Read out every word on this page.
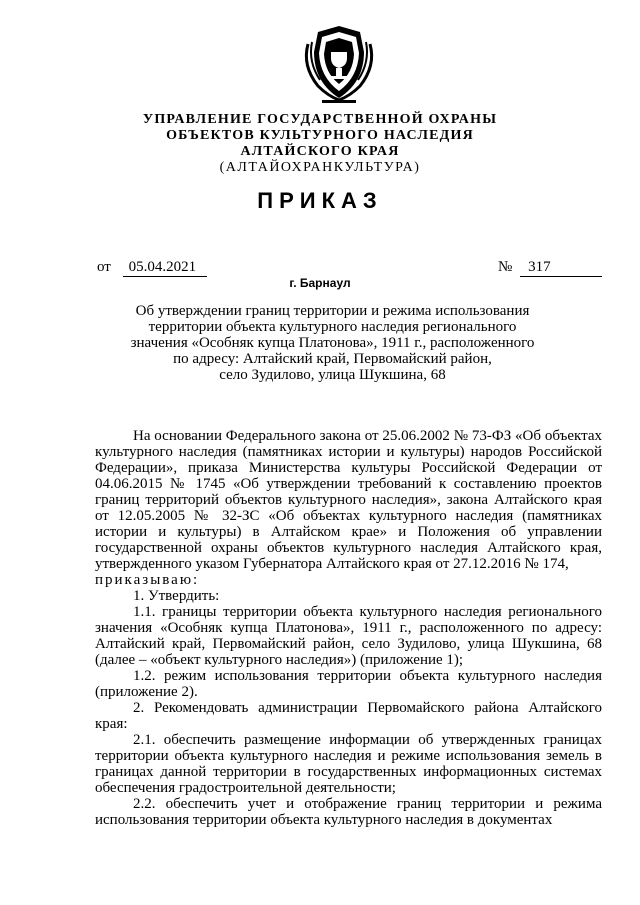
УПРАВЛЕНИЕ ГОСУДАРСТВЕННОЙ ОХРАНЫ
ОБЪЕКТОВ КУЛЬТУРНОГО НАСЛЕДИЯ
АЛТАЙСКОГО КРАЯ
(АЛТАЙОХРАНКУЛЬТУРА)
ПРИКАЗ
от 05.04.2021	№ 317
г. Барнаул
Об утверждении границ территории и режима использования
территории объекта культурного наследия регионального
значения «Особняк купца Платонова», 1911 г., расположенного
по адресу: Алтайский край, Первомайский район,
село Зудилово, улица Шукшина, 68

На основании Федерального закона от 25.06.2002 № 73-ФЗ «Об объектах культурного наследия (памятниках истории и культуры) народов Российской Федерации», приказа Министерства культуры Российской Федерации от 04.06.2015 № 1745 «Об утверждении требований к составлению проектов границ территорий объектов культурного наследия», закона Алтайского края от 12.05.2005 № 32-ЗС «Об объектах культурного наследия (памятниках истории и культуры) в Алтайском крае» и Положения об управлении государственной охраны объектов культурного наследия Алтайского края, утвержденного указом Губернатора Алтайского края от 27.12.2016 № 174,

приказываю:

1. Утвердить:

1.1. границы территории объекта культурного наследия регионального значения «Особняк купца Платонова», 1911 г., расположенного по адресу: Алтайский край, Первомайский район, село Зудилово, улица Шукшина, 68 (далее – «объект культурного наследия») (приложение 1);

1.2. режим использования территории объекта культурного наследия (приложение 2).

2. Рекомендовать администрации Первомайского района Алтайского края:

2.1. обеспечить размещение информации об утвержденных границах территории объекта культурного наследия и режиме использования земель в границах данной территории в государственных информационных системах обеспечения градостроительной деятельности;

2.2. обеспечить учет и отображение границ территории и режима использования территории объекта культурного наследия в документах
